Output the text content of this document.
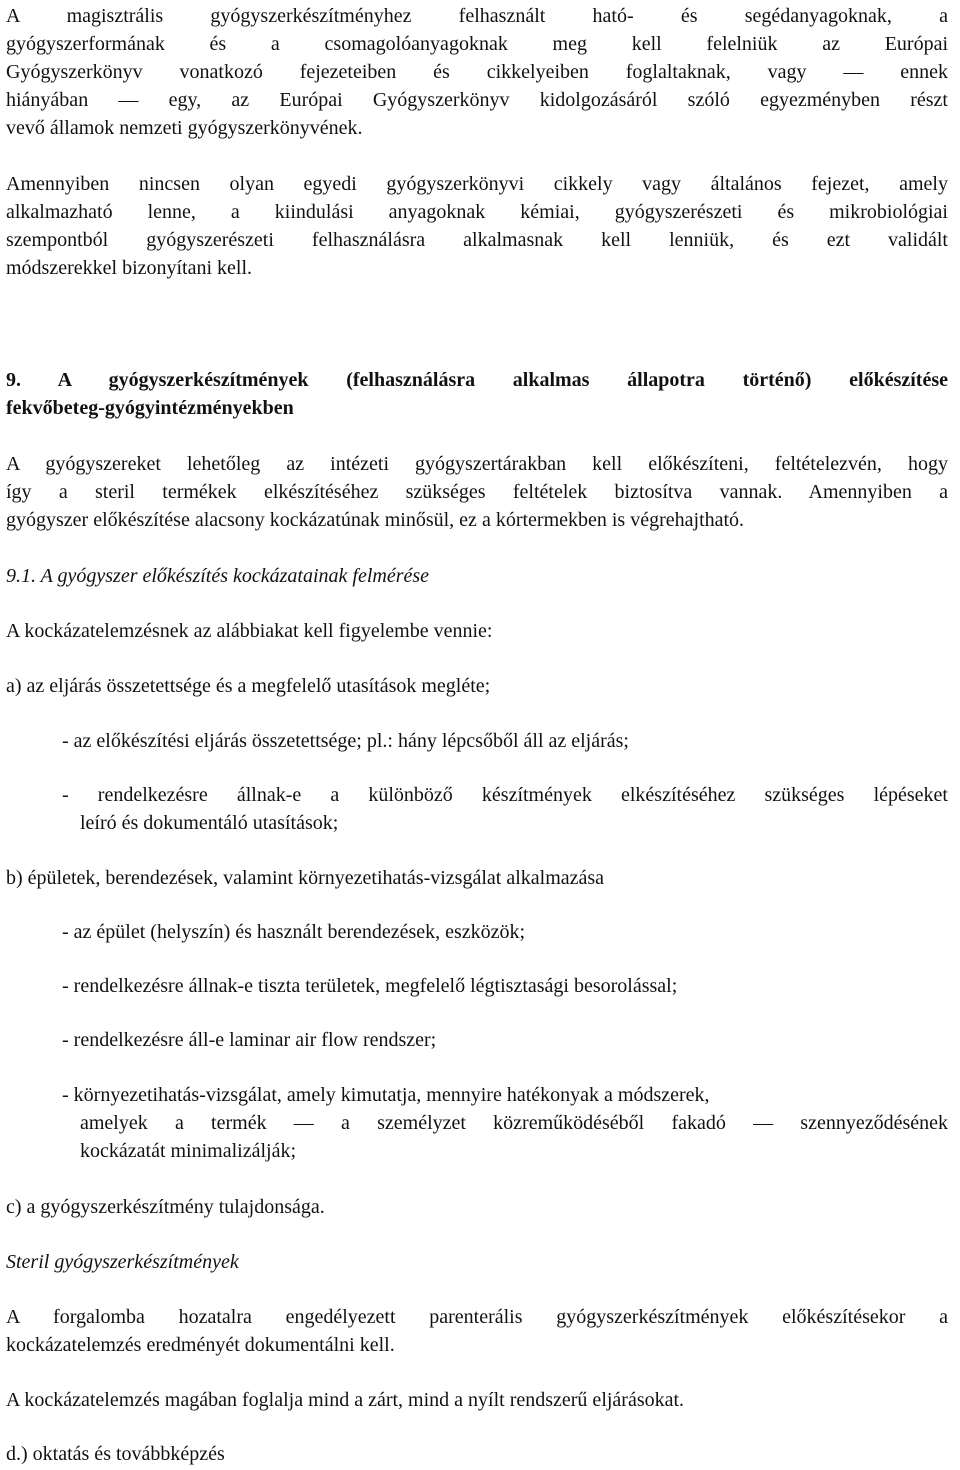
A magisztrális gyógyszerkészítményhez felhasznált ható- és segédanyagoknak, a
gyógyszerformának és a csomagolóanyagoknak meg kell felelniük az Európai
Gyógyszerkönyv vonatkozó fejezeteiben és cikkelyeiben foglaltaknak, vagy — ennek
hiányában — egy, az Európai Gyógyszerkönyv kidolgozásáról szóló egyezményben részt
vevő államok nemzeti gyógyszerkönyvének.
Amennyiben nincsen olyan egyedi gyógyszerkönyvi cikkely vagy általános fejezet, amely
alkalmazható lenne, a kiindulási anyagoknak kémiai, gyógyszerészeti és mikrobiológiai
szempontból gyógyszerészeti felhasználásra alkalmasnak kell lenniük, és ezt validált
módszerekkel bizonyítani kell.
9. A gyógyszerkészítmények (felhasználásra alkalmas állapotra történő) előkészítése
fekvőbeteg-gyógyintézményekben
A gyógyszereket lehetőleg az intézeti gyógyszertárakban kell előkészíteni, feltételezvén, hogy
így a steril termékek elkészítéséhez szükséges feltételek biztosítva vannak. Amennyiben a
gyógyszer előkészítése alacsony kockázatúnak minősül, ez a kórtermekben is végrehajtható.
9.1. A gyógyszer előkészítés kockázatainak felmérése
A kockázatelemzésnek az alábbiakat kell figyelembe vennie:
a) az eljárás összetettsége és a megfelelő utasítások megléte;
- az előkészítési eljárás összetettsége; pl.: hány lépcsőből áll az eljárás;
- rendelkezésre állnak-e a különböző készítmények elkészítéséhez szükséges lépéseket
leíró és dokumentáló utasítások;
b) épületek, berendezések, valamint környezetihatás-vizsgálat alkalmazása
- az épület (helyszín) és használt berendezések, eszközök;
- rendelkezésre állnak-e tiszta területek, megfelelő légtisztasági besorolással;
- rendelkezésre áll-e laminar air flow rendszer;
- környezetihatás-vizsgálat, amely kimutatja, mennyire hatékonyak a módszerek,
amelyek a termék — a személyzet közreműködéséből fakadó — szennyeződésének
kockázatát minimalizálják;
c) a gyógyszerkészítmény tulajdonsága.
Steril gyógyszerkészítmények
A forgalomba hozatalra engedélyezett parenterális gyógyszerkészítmények előkészítésekor a
kockázatelemzés eredményét dokumentálni kell.
A kockázatelemzés magában foglalja mind a zárt, mind a nyílt rendszerű eljárásokat.
d.) oktatás és továbbképzés
